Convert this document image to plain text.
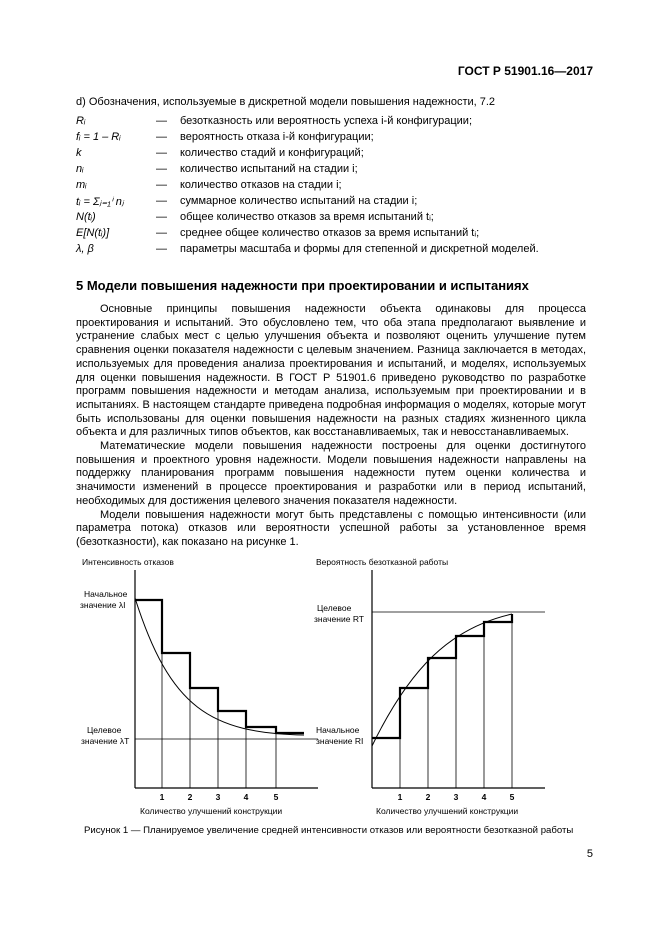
ГОСТ Р 51901.16—2017
d) Обозначения, используемые в дискретной модели повышения надежности, 7.2
Rᵢ	— безотказность или вероятность успеха i-й конфигурации;
fᵢ = 1 – Rᵢ	— вероятность отказа i-й конфигурации;
k	— количество стадий и конфигураций;
nᵢ	— количество испытаний на стадии i;
mᵢ	— количество отказов на стадии i;
tᵢ = Σⱼ₌₁ⁱ nⱼ	— суммарное количество испытаний на стадии i;
N(tᵢ)	— общее количество отказов за время испытаний tᵢ;
E[N(tᵢ)]	— среднее общее количество отказов за время испытаний tᵢ;
λ, β	— параметры масштаба и формы для степенной и дискретной моделей.
5 Модели повышения надежности при проектировании и испытаниях

Основные принципы повышения надежности объекта одинаковы для процесса проектирования и испытаний. Это обусловлено тем, что оба этапа предполагают выявление и устранение слабых мест с целью улучшения объекта и позволяют оценить улучшение путем сравнения оценки показателя надежности с целевым значением. Разница заключается в методах, используемых для проведения анализа проектирования и испытаний, и моделях, используемых для оценки повышения надежности. В ГОСТ Р 51901.6 приведено руководство по разработке программ повышения надежности и методам анализа, используемым при проектировании и в испытаниях. В настоящем стандарте приведена подробная информация о моделях, которые могут быть использованы для оценки повышения надежности на разных стадиях жизненного цикла объекта и для различных типов объектов, как восстанавливаемых, так и невосстанавливаемых.

Математические модели повышения надежности построены для оценки достигнутого повышения и проектного уровня надежности. Модели повышения надежности направлены на поддержку планирования программ повышения надежности путем оценки количества и значимости изменений в процессе проектирования и разработки или в период испытаний, необходимых для достижения целевого значения показателя надежности.

Модели повышения надежности могут быть представлены с помощью интенсивности (или параметра потока) отказов или вероятности успешной работы за установленное время (безотказности), как показано на рисунке 1.

Интенсивность отказов
Начальное
значение λI
Целевое
значение λT
1	2	3	4	5
Количество улучшений конструкции
Вероятность безотказной работы
Целевое
значение RT
Начальное
значение RI
1	2	3	4	5
Количество улучшений конструкции
Рисунок 1 — Планируемое увеличение средней интенсивности отказов или вероятности безотказной работы
5
